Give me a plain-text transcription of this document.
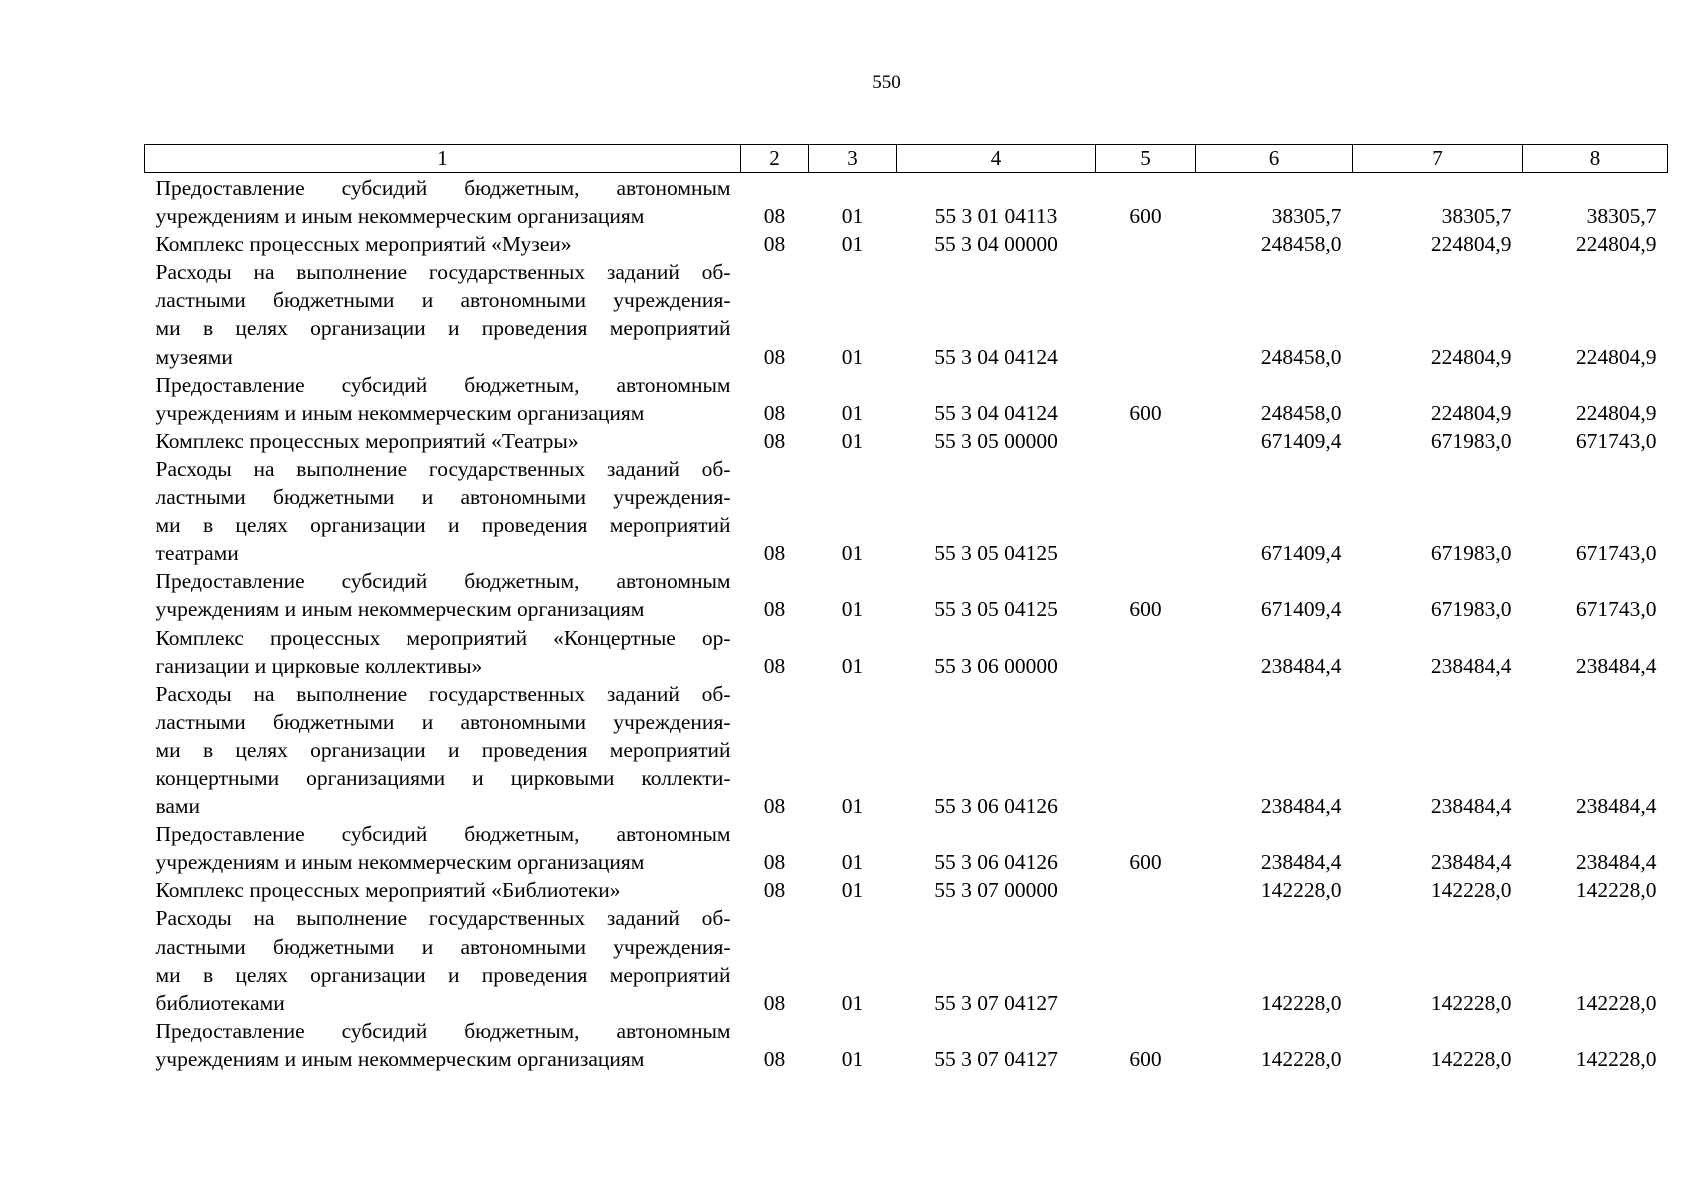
550
1	2	3	4	5	6	7	8

Предоставление субсидий бюджетным, автономным
учреждениям и иным некоммерческим организациям	08	01	55 3 01 04113	600	38305,7	38305,7	38305,7

Комплекс процессных мероприятий «Музеи»	08	01	55 3 04 00000		248458,0	224804,9	224804,9

Расходы на выполнение государственных заданий об-
ластными бюджетными и автономными учреждения-
ми в целях организации и проведения мероприятий
музеями	08	01	55 3 04 04124		248458,0	224804,9	224804,9

Предоставление субсидий бюджетным, автономным
учреждениям и иным некоммерческим организациям	08	01	55 3 04 04124	600	248458,0	224804,9	224804,9

Комплекс процессных мероприятий «Театры»	08	01	55 3 05 00000		671409,4	671983,0	671743,0

Расходы на выполнение государственных заданий об-
ластными бюджетными и автономными учреждения-
ми в целях организации и проведения мероприятий
театрами	08	01	55 3 05 04125		671409,4	671983,0	671743,0

Предоставление субсидий бюджетным, автономным
учреждениям и иным некоммерческим организациям	08	01	55 3 05 04125	600	671409,4	671983,0	671743,0

Комплекс процессных мероприятий «Концертные ор-
ганизации и цирковые коллективы»	08	01	55 3 06 00000		238484,4	238484,4	238484,4

Расходы на выполнение государственных заданий об-
ластными бюджетными и автономными учреждения-
ми в целях организации и проведения мероприятий
концертными организациями и цирковыми коллекти-
вами	08	01	55 3 06 04126		238484,4	238484,4	238484,4

Предоставление субсидий бюджетным, автономным
учреждениям и иным некоммерческим организациям	08	01	55 3 06 04126	600	238484,4	238484,4	238484,4

Комплекс процессных мероприятий «Библиотеки»	08	01	55 3 07 00000		142228,0	142228,0	142228,0

Расходы на выполнение государственных заданий об-
ластными бюджетными и автономными учреждения-
ми в целях организации и проведения мероприятий
библиотеками	08	01	55 3 07 04127		142228,0	142228,0	142228,0

Предоставление субсидий бюджетным, автономным
учреждениям и иным некоммерческим организациям	08	01	55 3 07 04127	600	142228,0	142228,0	142228,0
